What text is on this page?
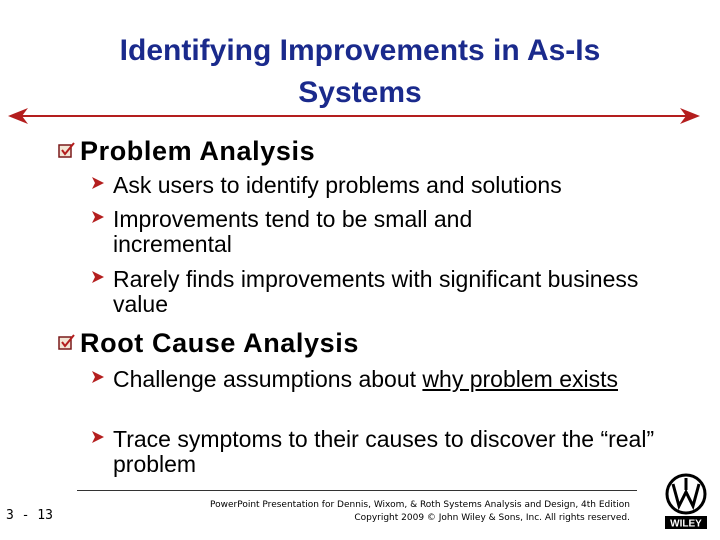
Identifying Improvements in As-Is
Systems
Problem Analysis
Ask users to identify problems and solutions
Improvements tend to be small and incremental
Rarely finds improvements with significant business value
Root Cause Analysis
Challenge assumptions about why problem exists
Trace symptoms to their causes to discover the “real” problem
3 - 13
PowerPoint Presentation for Dennis, Wixom, & Roth Systems Analysis and Design, 4th Edition
Copyright 2009 © John Wiley & Sons, Inc. All rights reserved.
WILEY
